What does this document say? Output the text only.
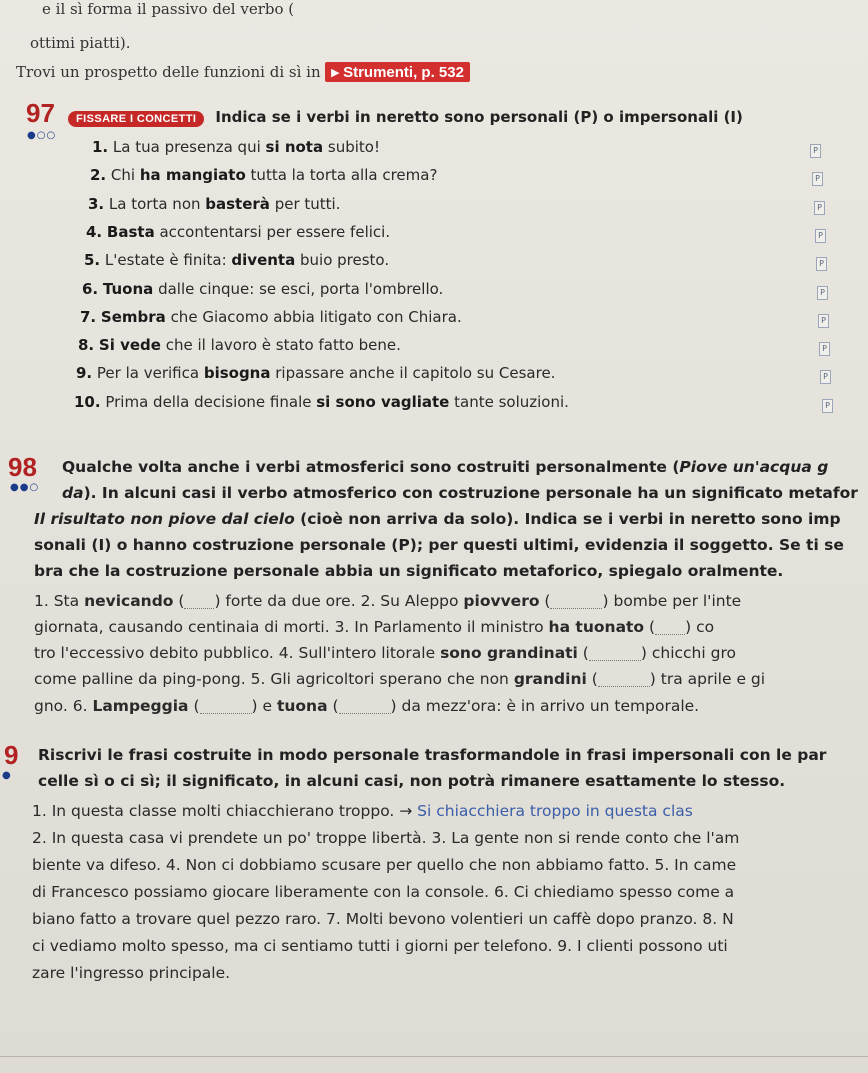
e il sì forma il passivo del verbo (
ottimi piatti).
Trovi un prospetto delle funzioni di sì in ▸ Strumenti, p. 532
97 FISSARE I CONCETTI Indica se i verbi in neretto sono personali (P) o impersonali (I)
●○○
1. La tua presenza qui si nota subito!	P
2. Chi ha mangiato tutta la torta alla crema?	P
3. La torta non basterà per tutti.	P
4. Basta accontentarsi per essere felici.	P
5. L'estate è finita: diventa buio presto.	P
6. Tuona dalle cinque: se esci, porta l'ombrello.	P
7. Sembra che Giacomo abbia litigato con Chiara.	P
8. Si vede che il lavoro è stato fatto bene.	P
9. Per la verifica bisogna ripassare anche il capitolo su Cesare.	P
10. Prima della decisione finale si sono vagliate tante soluzioni.	P
98
●●○
Qualche volta anche i verbi atmosferici sono costruiti personalmente (Piove un'acqua g
da). In alcuni casi il verbo atmosferico con costruzione personale ha un significato metafor
Il risultato non piove dal cielo (cioè non arriva da solo). Indica se i verbi in neretto sono imp
sonali (I) o hanno costruzione personale (P); per questi ultimi, evidenzia il soggetto. Se ti se
bra che la costruzione personale abbia un significato metaforico, spiegalo oralmente.
1. Sta nevicando ( ) forte da due ore. 2. Su Aleppo piovvero (	) bombe per l'inte
giornata, causando centinaia di morti. 3. In Parlamento il ministro ha tuonato ( ) co
tro l'eccessivo debito pubblico. 4. Sull'intero litorale sono grandinati (	) chicchi gro
come palline da ping-pong. 5. Gli agricoltori sperano che non grandini (	) tra aprile e gi
gno. 6. Lampeggia (	) e tuona (	) da mezz'ora: è in arrivo un temporale.
9
●
Riscrivi le frasi costruite in modo personale trasformandole in frasi impersonali con le par
celle sì o ci sì; il significato, in alcuni casi, non potrà rimanere esattamente lo stesso.
1. In questa classe molti chiacchierano troppo. → Si chiacchiera troppo in questa clas
2. In questa casa vi prendete un po' troppe libertà. 3. La gente non si rende conto che l'am
biente va difeso. 4. Non ci dobbiamo scusare per quello che non abbiamo fatto. 5. In came
di Francesco possiamo giocare liberamente con la console. 6. Ci chiediamo spesso come a
biano fatto a trovare quel pezzo raro. 7. Molti bevono volentieri un caffè dopo pranzo. 8. N
ci vediamo molto spesso, ma ci sentiamo tutti i giorni per telefono. 9. I clienti possono uti
zare l'ingresso principale.
